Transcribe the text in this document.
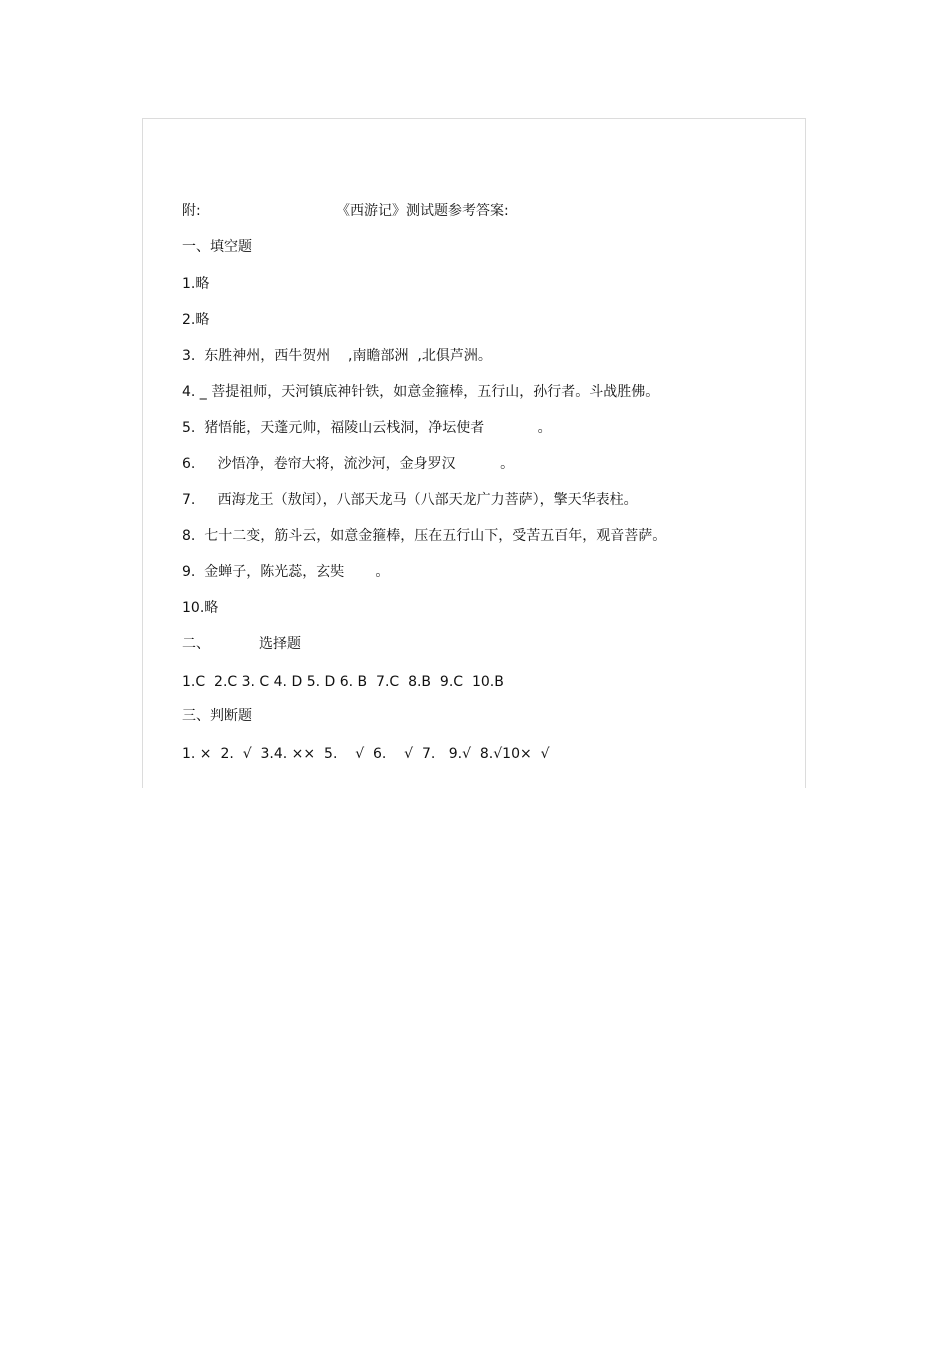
附:

	《西游记》测试题参考答案:

一、填空题
1.略
2.略
3.  东胜神州，西牛贺州    ,南瞻部洲  ,北俱芦洲。
4. _ 菩提祖师，天河镇底神针铁，如意金箍棒，五行山，孙行者。斗战胜佛。
5.  猪悟能，天蓬元帅，福陵山云栈洞，净坛使者            。
6.     沙悟净，卷帘大将，流沙河，金身罗汉          。
7.     西海龙王（敖闰），八部天龙马（八部天龙广力菩萨），擎天华表柱。
8.  七十二变，筋斗云，如意金箍棒，压在五行山下，受苦五百年，观音菩萨。
9.  金蝉子，陈光蕊，玄奘       。
10.略
二、           选择题
1.C  2.C 3. C 4. D 5. D 6. B  7.C  8.B  9.C  10.B
三、判断题
1. ×  2.  √  3.4. ××  5.    √  6.    √  7.   9.√  8.√10×  √
